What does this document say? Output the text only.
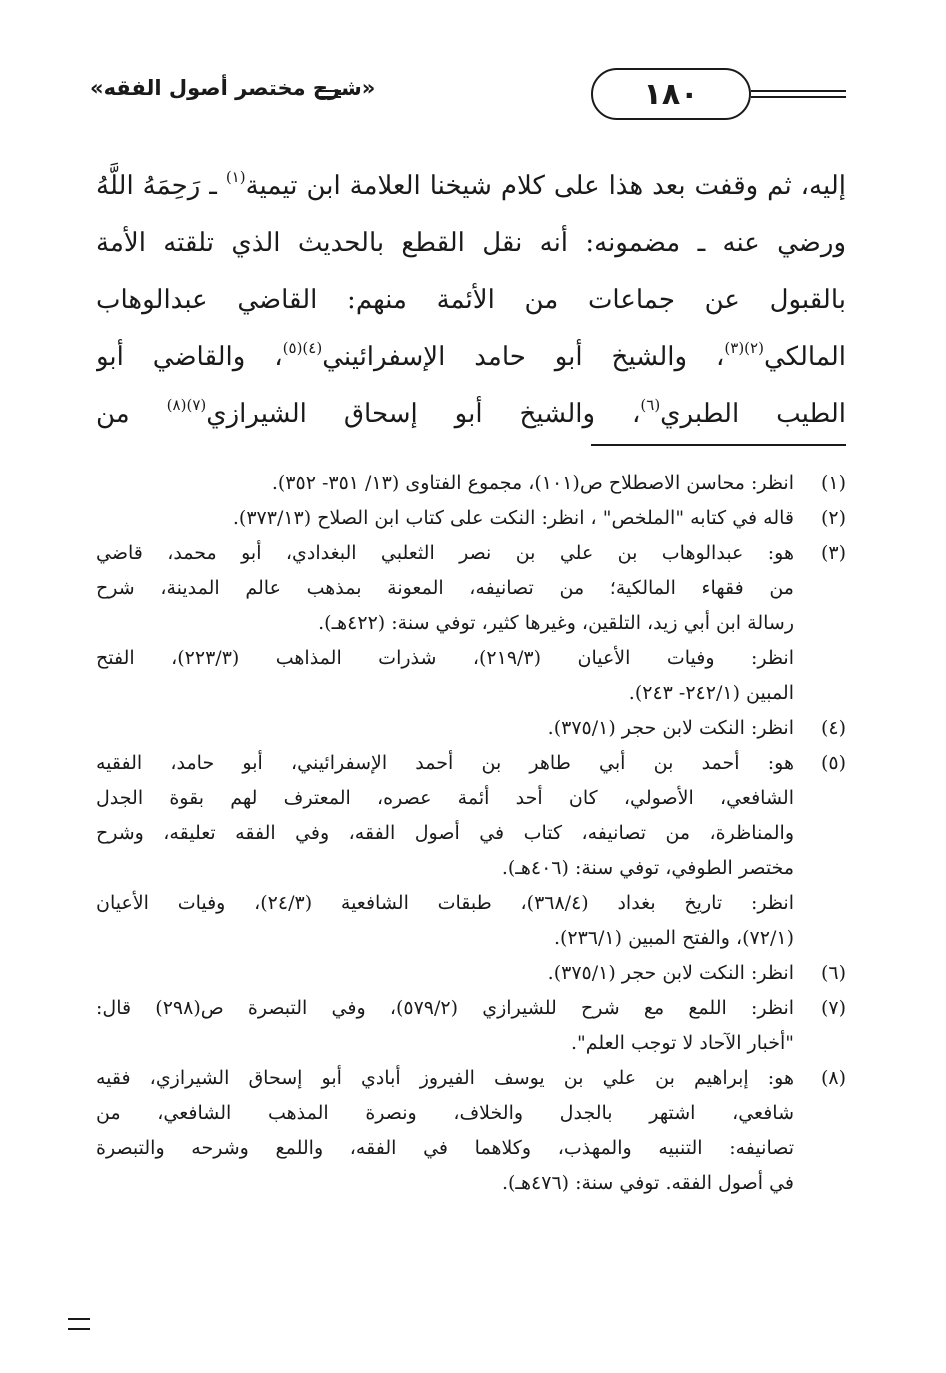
١٨٠
«شرح مختصر أصول الفقه»
إليه، ثم وقفت بعد هذا على كلام شيخنا العلامة ابن تيمية$^{(١)}$ ـ رَحِمَهُ اللَّهُ
ورضي عنه ـ مضمونه: أنه نقل القطع بالحديث الذي تلقته الأمة
بالقبول عن جماعات من الأئمة منهم: القاضي عبدالوهاب
المالكي$^{(٢)(٣)}$، والشيخ أبو حامد الإسفرائيني$^{(٤)(٥)}$، والقاضي أبو
الطيب الطبري$^{(٦)}$، والشيخ أبو إسحاق الشيرازي$^{(٧)(٨)}$ من
(١)
انظر: محاسن الاصطلاح ص(١٠١)، مجموع الفتاوى (١٣/ ٣٥١- ٣٥٢).
(٢)
قاله في كتابه "الملخص" ، انظر: النكت على كتاب ابن الصلاح (٣٧٣/١٣).
(٣)
هو: عبدالوهاب بن علي بن نصر الثعلبي البغدادي، أبو محمد، قاضي
من فقهاء المالكية؛ من تصانيفه، المعونة بمذهب عالم المدينة، شرح
رسالة ابن أبي زيد، التلقين، وغيرها كثير، توفي سنة: (٤٢٢هـ).
انظر: وفيات الأعيان (٢١٩/٣)، شذرات المذاهب (٢٢٣/٣)، الفتح
المبين (٢٤٢/١- ٢٤٣).
(٤)
انظر: النكت لابن حجر (٣٧٥/١).
(٥)
هو: أحمد بن أبي طاهر بن أحمد الإسفرائيني، أبو حامد، الفقيه
الشافعي، الأصولي، كان أحد أئمة عصره، المعترف لهم بقوة الجدل
والمناظرة، من تصانيفه، كتاب في أصول الفقه، وفي الفقه تعليقه، وشرح
مختصر الطوفي، توفي سنة: (٤٠٦هـ).
انظر: تاريخ بغداد (٣٦٨/٤)، طبقات الشافعية (٢٤/٣)، وفيات الأعيان
(٧٢/١)، والفتح المبين (٢٣٦/١).
(٦)
انظر: النكت لابن حجر (٣٧٥/١).
(٧)
انظر: اللمع مع شرح للشيرازي (٥٧٩/٢)، وفي التبصرة ص(٢٩٨) قال:
"أخبار الآحاد لا توجب العلم".
(٨)
هو: إبراهيم بن علي بن يوسف الفيروز أبادي أبو إسحاق الشيرازي، فقيه
شافعي، اشتهر بالجدل والخلاف، ونصرة المذهب الشافعي، من
تصانيفه: التنبيه والمهذب، وكلاهما في الفقه، واللمع وشرحه والتبصرة
في أصول الفقه. توفي سنة: (٤٧٦هـ).
